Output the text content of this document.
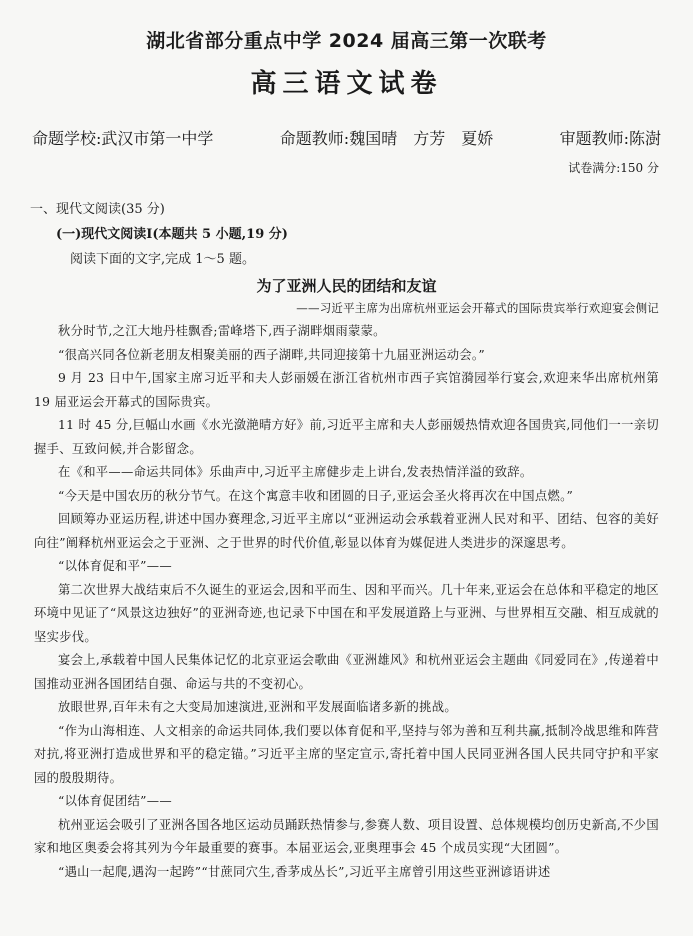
湖北省部分重点中学 2024 届高三第一次联考
高三语文试卷
命题学校:武汉市第一中学	命题教师:魏国晴　方芳　夏娇	审题教师:陈澍
试卷满分:150 分
一、现代文阅读(35 分)
(一)现代文阅读Ⅰ(本题共 5 小题,19 分)
阅读下面的文字,完成 1～5 题。
为了亚洲人民的团结和友谊
——习近平主席为出席杭州亚运会开幕式的国际贵宾举行欢迎宴会侧记

秋分时节,之江大地丹桂飘香;雷峰塔下,西子湖畔烟雨蒙蒙。

“很高兴同各位新老朋友相聚美丽的西子湖畔,共同迎接第十九届亚洲运动会。”

9 月 23 日中午,国家主席习近平和夫人彭丽媛在浙江省杭州市西子宾馆漪园举行宴会,欢迎来华出席杭州第 19 届亚运会开幕式的国际贵宾。

11 时 45 分,巨幅山水画《水光潋滟晴方好》前,习近平主席和夫人彭丽媛热情欢迎各国贵宾,同他们一一亲切握手、互致问候,并合影留念。

在《和平——命运共同体》乐曲声中,习近平主席健步走上讲台,发表热情洋溢的致辞。

“今天是中国农历的秋分节气。在这个寓意丰收和团圆的日子,亚运会圣火将再次在中国点燃。”

回顾筹办亚运历程,讲述中国办赛理念,习近平主席以“亚洲运动会承载着亚洲人民对和平、团结、包容的美好向往”阐释杭州亚运会之于亚洲、之于世界的时代价值,彰显以体育为媒促进人类进步的深邃思考。

“以体育促和平”——

第二次世界大战结束后不久诞生的亚运会,因和平而生、因和平而兴。几十年来,亚运会在总体和平稳定的地区环境中见证了“风景这边独好”的亚洲奇迹,也记录下中国在和平发展道路上与亚洲、与世界相互交融、相互成就的坚实步伐。

宴会上,承载着中国人民集体记忆的北京亚运会歌曲《亚洲雄风》和杭州亚运会主题曲《同爱同在》,传递着中国推动亚洲各国团结自强、命运与共的不变初心。

放眼世界,百年未有之大变局加速演进,亚洲和平发展面临诸多新的挑战。

“作为山海相连、人文相亲的命运共同体,我们要以体育促和平,坚持与邻为善和互利共赢,抵制冷战思维和阵营对抗,将亚洲打造成世界和平的稳定锚。”习近平主席的坚定宣示,寄托着中国人民同亚洲各国人民共同守护和平家园的殷殷期待。

“以体育促团结”——

杭州亚运会吸引了亚洲各国各地区运动员踊跃热情参与,参赛人数、项目设置、总体规模均创历史新高,不少国家和地区奥委会将其列为今年最重要的赛事。本届亚运会,亚奥理事会 45 个成员实现“大团圆”。

“遇山一起爬,遇沟一起跨”“甘蔗同穴生,香茅成丛长”,习近平主席曾引用这些亚洲谚语讲述
